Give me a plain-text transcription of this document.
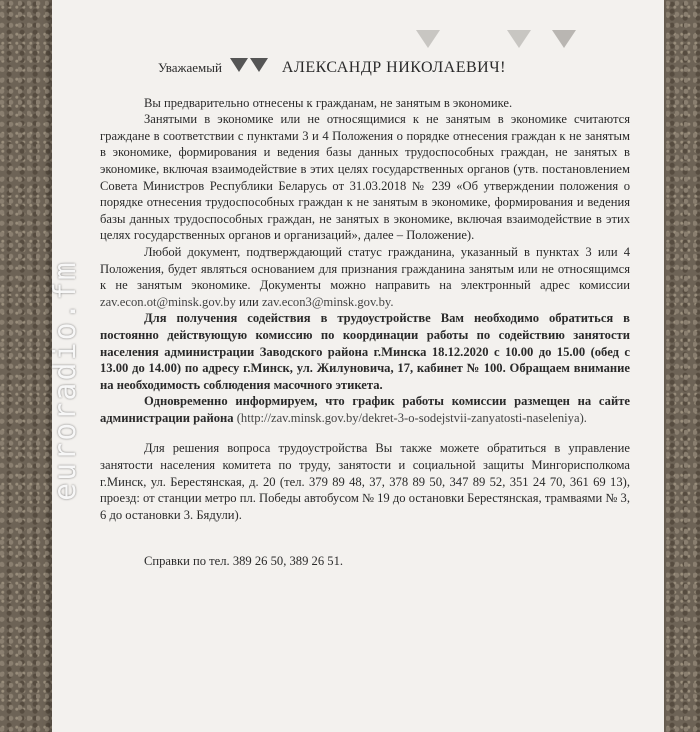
euroradio.fm
Уважаемый	АЛЕКСАНДР НИКОЛАЕВИЧ!

Вы предварительно отнесены к гражданам, не занятым в экономике.

Занятыми в экономике или не относящимися к не занятым в экономике считаются граждане в соответствии с пунктами 3 и 4 Положения о порядке отнесения граждан к не занятым в экономике, формирования и ведения базы данных трудоспособных граждан, не занятых в экономике, включая взаимодействие в этих целях государственных органов (утв. постановлением Совета Министров Республики Беларусь от 31.03.2018 № 239 «Об утверждении положения о порядке отнесения трудоспособных граждан к не занятым в экономике, формирования и ведения базы данных трудоспособных граждан, не занятых в экономике, включая взаимодействие в этих целях государственных органов и организаций», далее – Положение).

Любой документ, подтверждающий статус гражданина, указанный в пунктах 3 или 4 Положения, будет являться основанием для признания гражданина занятым или не относящимся к не занятым экономике. Документы можно направить на электронный адрес комиссии zav.econ.ot@minsk.gov.by или zav.econ3@minsk.gov.by.

Для получения содействия в трудоустройстве Вам необходимо обратиться в постоянно действующую комиссию по координации работы по содействию занятости населения администрации Заводского района г.Минска 18.12.2020 с 10.00 до 15.00 (обед с 13.00 до 14.00) по адресу г.Минск, ул. Жилуновича, 17, кабинет № 100. Обращаем внимание на необходимость соблюдения масочного этикета.

Одновременно информируем, что график работы комиссии размещен на сайте администрации района (http://zav.minsk.gov.by/dekret-3-o-sodejstvii-zanyatosti-naseleniya).

Для решения вопроса трудоустройства Вы также можете обратиться в управление занятости населения комитета по труду, занятости и социальной защиты Мингорисполкома г.Минск, ул. Берестянская, д. 20 (тел. 379 89 48, 37, 378 89 50, 347 89 52, 351 24 70, 361 69 13), проезд: от станции метро пл. Победы автобусом № 19 до остановки Берестянская, трамваями № 3, 6 до остановки 3. Бядули).

Справки по тел. 389 26 50, 389 26 51.
